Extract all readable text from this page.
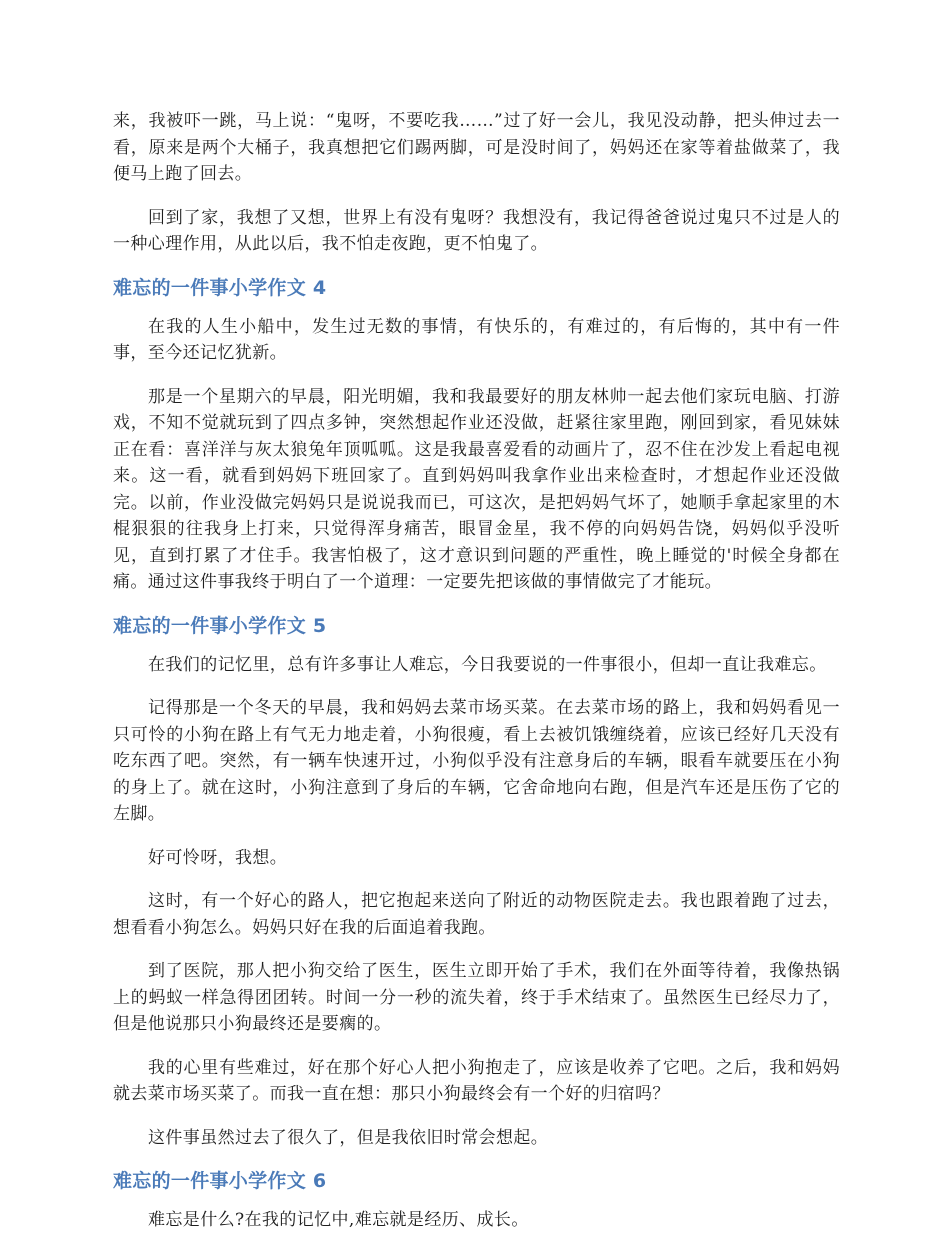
来，我被吓一跳，马上说：“鬼呀，不要吃我……”过了好一会儿，我见没动静，把头伸过去一看，原来是两个大桶子，我真想把它们踢两脚，可是没时间了，妈妈还在家等着盐做菜了，我便马上跑了回去。

回到了家，我想了又想，世界上有没有鬼呀？我想没有，我记得爸爸说过鬼只不过是人的一种心理作用，从此以后，我不怕走夜跑，更不怕鬼了。

难忘的一件事小学作文 4

在我的人生小船中，发生过无数的事情，有快乐的，有难过的，有后悔的，其中有一件事，至今还记忆犹新。

那是一个星期六的早晨，阳光明媚，我和我最要好的朋友林帅一起去他们家玩电脑、打游戏，不知不觉就玩到了四点多钟，突然想起作业还没做，赶紧往家里跑，刚回到家，看见妹妹正在看：喜洋洋与灰太狼兔年顶呱呱。这是我最喜爱看的动画片了，忍不住在沙发上看起电视来。这一看，就看到妈妈下班回家了。直到妈妈叫我拿作业出来检查时，才想起作业还没做完。以前，作业没做完妈妈只是说说我而已，可这次，是把妈妈气坏了，她顺手拿起家里的木棍狠狠的往我身上打来，只觉得浑身痛苦，眼冒金星，我不停的向妈妈告饶，妈妈似乎没听见，直到打累了才住手。我害怕极了，这才意识到问题的严重性，晚上睡觉的'时候全身都在痛。通过这件事我终于明白了一个道理：一定要先把该做的事情做完了才能玩。

难忘的一件事小学作文 5

在我们的记忆里，总有许多事让人难忘，今日我要说的一件事很小，但却一直让我难忘。

记得那是一个冬天的早晨，我和妈妈去菜市场买菜。在去菜市场的路上，我和妈妈看见一只可怜的小狗在路上有气无力地走着，小狗很瘦，看上去被饥饿缠绕着，应该已经好几天没有吃东西了吧。突然，有一辆车快速开过，小狗似乎没有注意身后的车辆，眼看车就要压在小狗的身上了。就在这时，小狗注意到了身后的车辆，它舍命地向右跑，但是汽车还是压伤了它的左脚。

好可怜呀，我想。

这时，有一个好心的路人，把它抱起来送向了附近的动物医院走去。我也跟着跑了过去，想看看小狗怎么。妈妈只好在我的后面追着我跑。

到了医院，那人把小狗交给了医生，医生立即开始了手术，我们在外面等待着，我像热锅上的蚂蚁一样急得团团转。时间一分一秒的流失着，终于手术结束了。虽然医生已经尽力了，但是他说那只小狗最终还是要瘸的。

我的心里有些难过，好在那个好心人把小狗抱走了，应该是收养了它吧。之后，我和妈妈就去菜市场买菜了。而我一直在想：那只小狗最终会有一个好的归宿吗？

这件事虽然过去了很久了，但是我依旧时常会想起。

难忘的一件事小学作文 6

难忘是什么?在我的记忆中,难忘就是经历、成长。
